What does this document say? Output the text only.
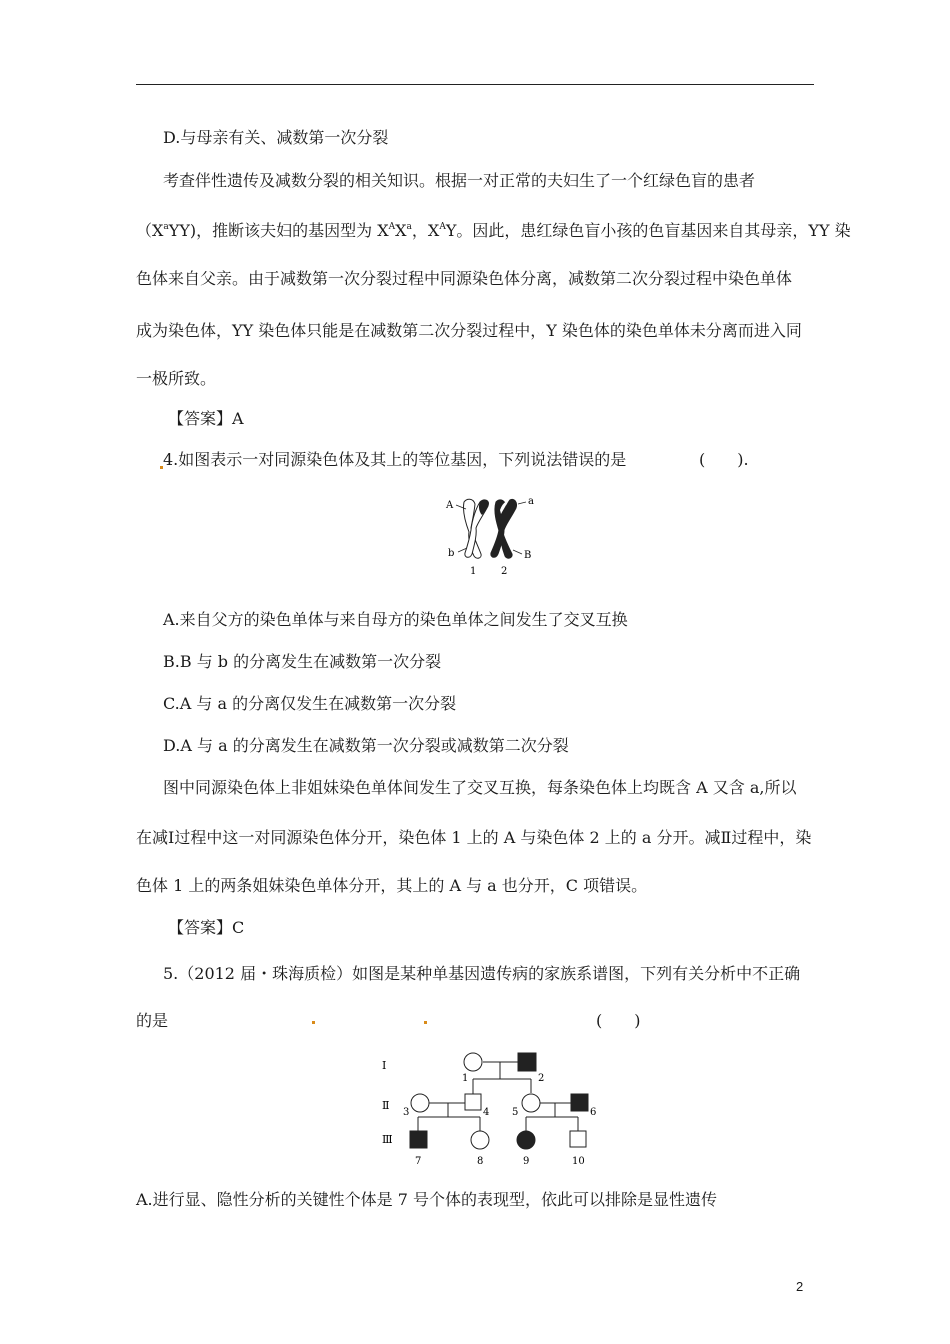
D.与母亲有关、减数第一次分裂
考查伴性遗传及减数分裂的相关知识。根据一对正常的夫妇生了一个红绿色盲的患者
$(X^aYY)$，推断该夫妇的基因型为 $X^AX^a$，$X^AY$。因此，患红绿色盲小孩的色盲基因来自其母亲，YY 染
色体来自父亲。由于减数第一次分裂过程中同源染色体分离，减数第二次分裂过程中染色单体
成为染色体，YY 染色体只能是在减数第二次分裂过程中，Y 染色体的染色单体未分离而进入同
一极所致。
【答案】A
4.如图表示一对同源染色体及其上的等位基因，下列说法错误的是	(　　).
A	a
b	B
1 2
A.来自父方的染色单体与来自母方的染色单体之间发生了交叉互换
B.B 与 b 的分离发生在减数第一次分裂
C.A 与 a 的分离仅发生在减数第一次分裂
D.A 与 a 的分离发生在减数第一次分裂或减数第二次分裂
图中同源染色体上非姐妹染色单体间发生了交叉互换，每条染色体上均既含 A 又含 a,所以
在减Ⅰ过程中这一对同源染色体分开，染色体 1 上的 A 与染色体 2 上的 a 分开。减Ⅱ过程中，染
色体 1 上的两条姐妹染色单体分开，其上的 A 与 a 也分开，C 项错误。
【答案】C
5.（2012 届・珠海质检）如图是某种单基因遗传病的家族系谱图，下列有关分析中不正确
的是	(　　)
Ⅰ
Ⅱ
Ⅲ
1	2
3	4 5	6
7	8	9	10
A.进行显、隐性分析的关键性个体是 7 号个体的表现型，依此可以排除是显性遗传
2
